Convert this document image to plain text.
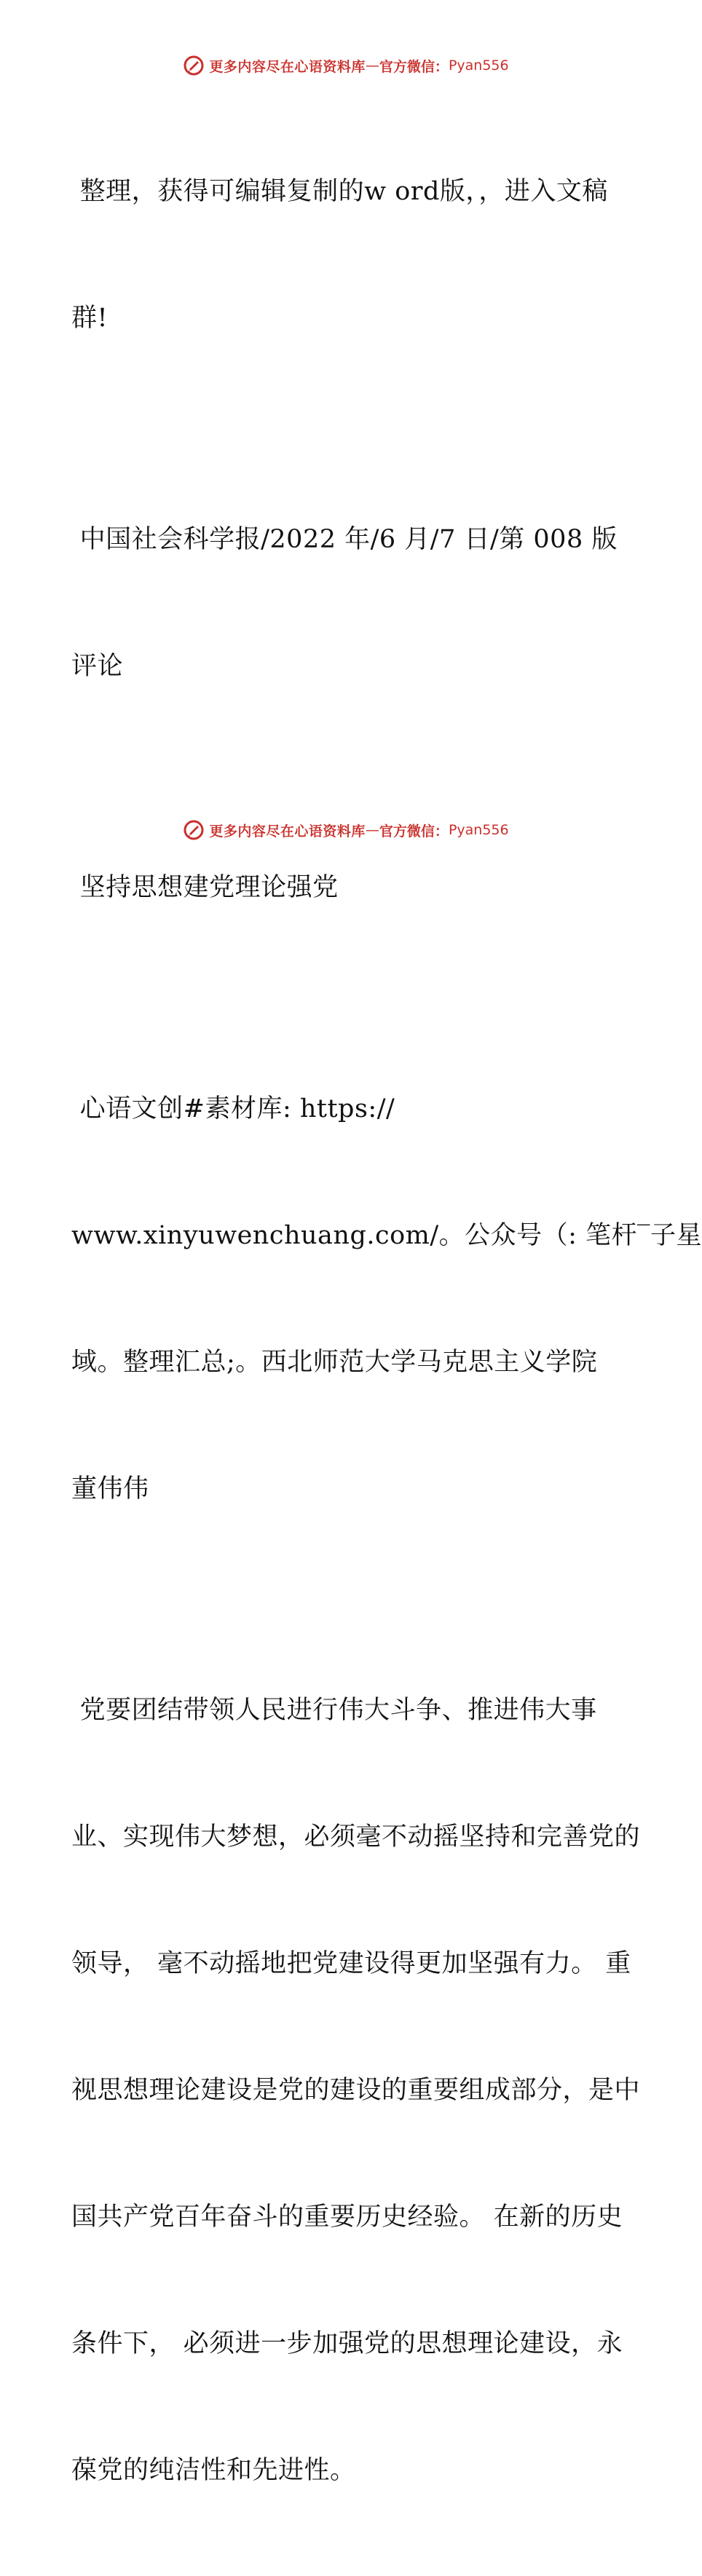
更多内容尽在心语资料库 — 官方微信： Pyan556

整理，获得可编辑复制的w ord版，，进入文稿

群!

中国社会科学报/2022 年/6 月/7 日/第 008 版

评论

坚持思想建党理论强党

心语文创#素材库: https://

www.xinyuwenchuang.com/。公众号（: 笔杆‾子星

域。整理汇总;。西北师范大学马克思主义学院

董伟伟

党要团结带领人民进行伟大斗争、推进伟大事

业、实现伟大梦想，必须毫不动摇坚持和完善党的

领导， 毫不动摇地把党建设得更加坚强有力。 重

视思想理论建设是党的建设的重要组成部分，是中

国共产党百年奋斗的重要历史经验。 在新的历史

条件下， 必须进一步加强党的思想理论建设，永

葆党的纯洁性和先进性。

更多内容尽在心语资料库 — 官方微信： Pyan556
